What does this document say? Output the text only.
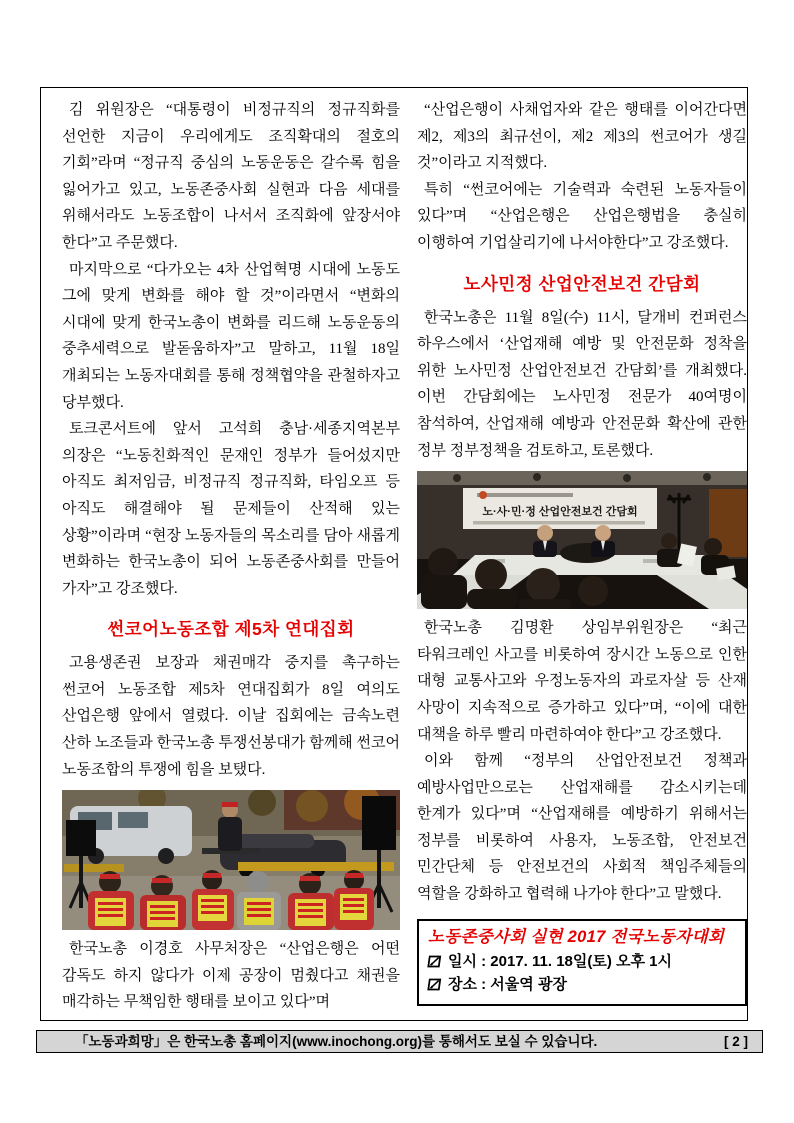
김 위원장은 “대통령이 비정규직의 정규직화를 선언한 지금이 우리에게도 조직확대의 절호의 기회”라며 “정규직 중심의 노동운동은 갈수록 힘을 잃어가고 있고, 노동존중사회 실현과 다음 세대를 위해서라도 노동조합이 나서서 조직화에 앞장서야 한다”고 주문했다.

마지막으로 “다가오는 4차 산업혁명 시대에 노동도 그에 맞게 변화를 해야 할 것”이라면서 “변화의 시대에 맞게 한국노총이 변화를 리드해 노동운동의 중추세력으로 발돋움하자”고 말하고, 11월 18일 개최되는 노동자대회를 통해 정책협약을 관철하자고 당부했다.

토크콘서트에 앞서 고석희 충남·세종지역본부 의장은 “노동친화적인 문재인 정부가 들어섰지만 아직도 최저임금, 비정규직 정규직화, 타임오프 등 아직도 해결해야 될 문제들이 산적해 있는 상황”이라며 “현장 노동자들의 목소리를 담아 새롭게 변화하는 한국노총이 되어 노동존중사회를 만들어 가자”고 강조했다.

썬코어노동조합 제5차 연대집회

고용생존권 보장과 채권매각 중지를 촉구하는 썬코어 노동조합 제5차 연대집회가 8일 여의도 산업은행 앞에서 열렸다. 이날 집회에는 금속노련 산하 노조들과 한국노총 투쟁선봉대가 함께해 썬코어 노동조합의 투쟁에 힘을 보탰다.

한국노총 이경호 사무처장은 “산업은행은 어떤 감독도 하지 않다가 이제 공장이 멈췄다고 채권을 매각하는 무책임한 행태를 보이고 있다”며

“산업은행이 사채업자와 같은 행태를 이어간다면 제2, 제3의 최규선이, 제2 제3의 썬코어가 생길 것”이라고 지적했다.

특히 “썬코어에는 기술력과 숙련된 노동자들이 있다”며 “산업은행은 산업은행법을 충실히 이행하여 기업살리기에 나서야한다”고 강조했다.

노사민정 산업안전보건 간담회

한국노총은 11월 8일(수) 11시, 달개비 컨퍼런스 하우스에서 ‘산업재해 예방 및 안전문화 정착을 위한 노사민정 산업안전보건 간담회’를 개최했다. 이번 간담회에는 노사민정 전문가 40여명이 참석하여, 산업재해 예방과 안전문화 확산에 관한 정부 정부정책을 검토하고, 토론했다.

노·사·민·정 산업안전보건 간담회

한국노총 김명환 상임부위원장은 “최근 타워크레인 사고를 비롯하여 장시간 노동으로 인한 대형 교통사고와 우정노동자의 과로자살 등 산재 사망이 지속적으로 증가하고 있다”며, “이에 대한 대책을 하루 빨리 마련하여야 한다”고 강조했다.

이와 함께 “정부의 산업안전보건 정책과 예방사업만으로는 산업재해를 감소시키는데 한계가 있다”며 “산업재해를 예방하기 위해서는 정부를 비롯하여 사용자, 노동조합, 안전보건 민간단체 등 안전보건의 사회적 책임주체들의 역할을 강화하고 협력해 나가야 한다”고 말했다.

노동존중사회 실현 2017 전국노동자대회
일시 : 2017. 11. 18일(토) 오후 1시
장소 : 서울역 광장
「노동과희망」은 한국노총 홈페이지(www.inochong.org)를 통해서도 보실 수 있습니다.	[ 2 ]
